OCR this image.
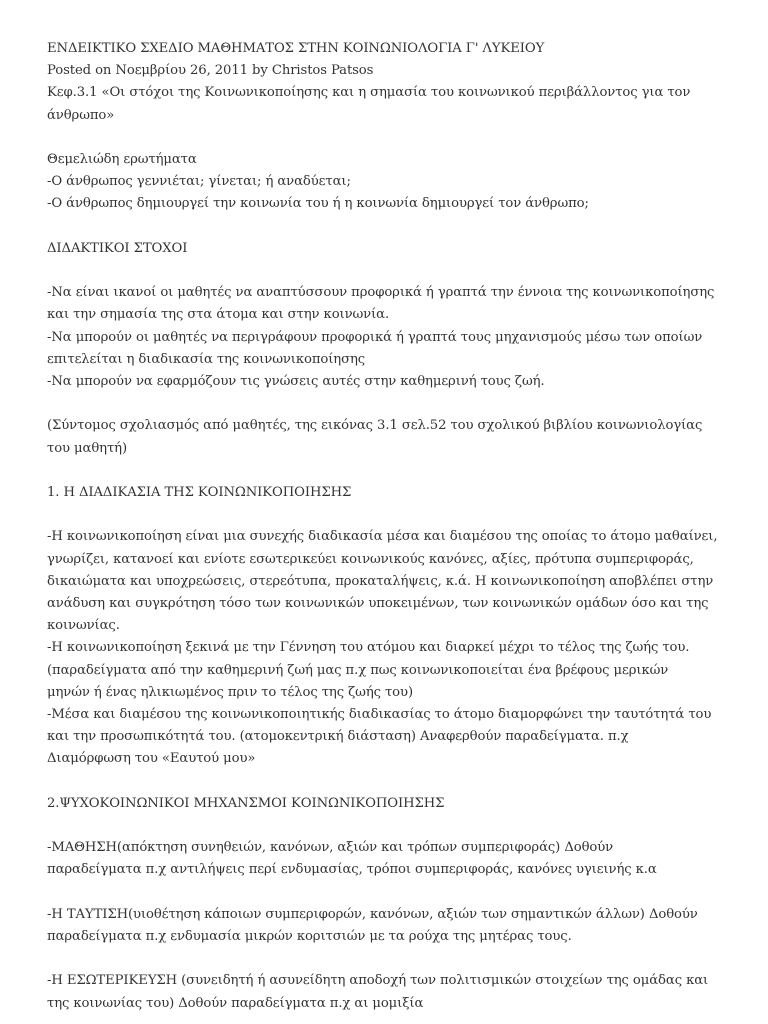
ΕΝΔΕΙΚΤΙΚΟ ΣΧΕΔΙΟ ΜΑΘΗΜΑΤΟΣ ΣΤΗΝ ΚΟΙΝΩΝΙΟΛΟΓΙΑ Γ' ΛΥΚΕΙΟΥ
Posted on Νοεμβρίου 26, 2011 by Christos Patsos
Κεφ.3.1 «Οι στόχοι της Κοινωνικοποίησης και η σημασία του κοινωνικού περιβάλλοντος για τον
άνθρωπο»
Θεμελιώδη ερωτήματα
-Ο άνθρωπος γεννιέται; γίνεται; ή αναδύεται;
-Ο άνθρωπος δημιουργεί την κοινωνία του ή η κοινωνία δημιουργεί τον άνθρωπο;
ΔΙΔΑΚΤΙΚΟΙ ΣΤΟΧΟΙ
-Να είναι ικανοί οι μαθητές να αναπτύσσουν προφορικά ή γραπτά την έννοια της κοινωνικοποίησης
και την σημασία της στα άτομα και στην κοινωνία.
-Να μπορούν οι μαθητές να περιγράφουν προφορικά ή γραπτά τους μηχανισμούς μέσω των οποίων
επιτελείται η διαδικασία της κοινωνικοποίησης
-Να μπορούν να εφαρμόζουν τις γνώσεις αυτές στην καθημερινή τους ζωή.
(Σύντομος σχολιασμός από μαθητές, της εικόνας 3.1 σελ.52 του σχολικού βιβλίου κοινωνιολογίας
του μαθητή)
1. Η ΔΙΑΔΙΚΑΣΙΑ ΤΗΣ ΚΟΙΝΩΝΙΚΟΠΟΙΗΣΗΣ
-Η κοινωνικοποίηση είναι μια συνεχής διαδικασία μέσα και διαμέσου της οποίας το άτομο μαθαίνει,
γνωρίζει, κατανοεί και ενίοτε εσωτερικεύει κοινωνικούς κανόνες, αξίες, πρότυπα συμπεριφοράς,
δικαιώματα και υποχρεώσεις, στερεότυπα, προκαταλήψεις, κ.ά. Η κοινωνικοποίηση αποβλέπει στην
ανάδυση και συγκρότηση τόσο των κοινωνικών υποκειμένων, των κοινωνικών ομάδων όσο και της
κοινωνίας.
-Η κοινωνικοποίηση ξεκινά με την Γέννηση του ατόμου και διαρκεί μέχρι το τέλος της ζωής του.
(παραδείγματα από την καθημερινή ζωή μας π.χ πως κοινωνικοποιείται ένα βρέφους μερικών
μηνών ή ένας ηλικιωμένος πριν το τέλος της ζωής του)
-Μέσα και διαμέσου της κοινωνικοποιητικής διαδικασίας το άτομο διαμορφώνει την ταυτότητά του
και την προσωπικότητά του. (ατομοκεντρική διάσταση) Αναφερθούν παραδείγματα. π.χ
Διαμόρφωση του «Εαυτού μου»
2.ΨΥΧΟΚΟΙΝΩΝΙΚΟΙ ΜΗΧΑΝΣΜΟΙ ΚΟΙΝΩΝΙΚΟΠΟΙΗΣΗΣ
-ΜΑΘΗΣΗ(απόκτηση συνηθειών, κανόνων, αξιών και τρόπων συμπεριφοράς) Δοθούν
παραδείγματα π.χ αντιλήψεις περί ενδυμασίας, τρόποι συμπεριφοράς, κανόνες υγιεινής κ.α
-Η ΤΑΥΤΙΣΗ(υιοθέτηση κάποιων συμπεριφορών, κανόνων, αξιών των σημαντικών άλλων) Δοθούν
παραδείγματα π.χ ενδυμασία μικρών κοριτσιών με τα ρούχα της μητέρας τους.
-Η ΕΣΩΤΕΡΙΚΕΥΣΗ (συνειδητή ή ασυνείδητη αποδοχή των πολιτισμικών στοιχείων της ομάδας και
της κοινωνίας του) Δοθούν παραδείγματα π.χ αι μομιξία
